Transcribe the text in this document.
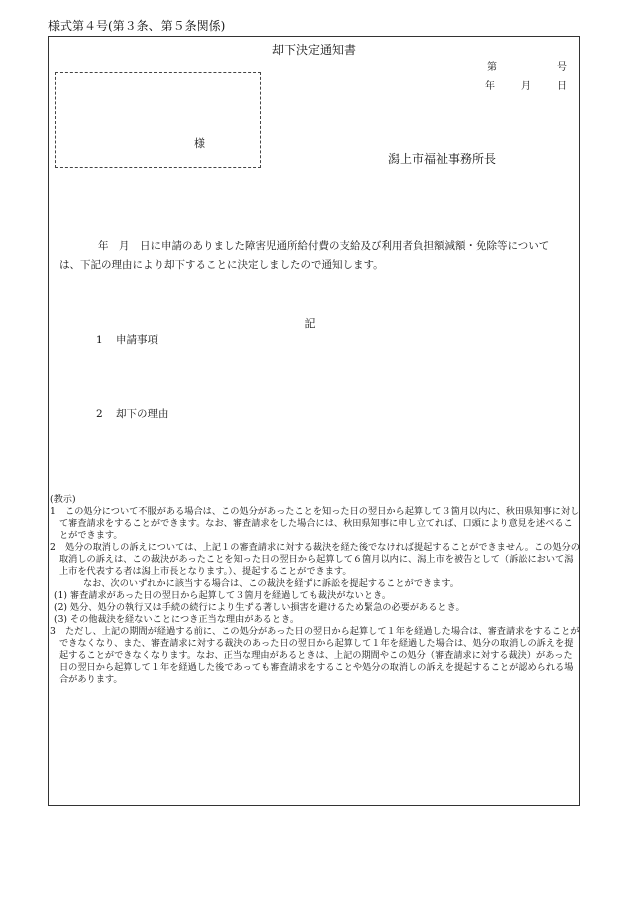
様式第４号(第３条、第５条関係)
却下決定通知書
第	号
年	月	日
様
潟上市福祉事務所長
年　月　日に申請のありました障害児通所給付費の支給及び利用者負担額減額・免除等については、下記の理由により却下することに決定しましたので通知します。
記
1 申請事項
2 却下の理由

(教示)

1　この処分について不服がある場合は、この処分があったことを知った日の翌日から起算して３箇月以内に、秋田県知事に対して審査請求をすることができます。なお、審査請求をした場合には、秋田県知事に申し立てれば、口頭により意見を述べることができます。

2　処分の取消しの訴えについては、上記１の審査請求に対する裁決を経た後でなければ提起することができません。この処分の取消しの訴えは、この裁決があったことを知った日の翌日から起算して６箇月以内に、潟上市を被告として（訴訟において潟上市を代表する者は潟上市長となります。）、提起することができます。

なお、次のいずれかに該当する場合は、この裁決を経ずに訴訟を提起することができます。

(1) 審査請求があった日の翌日から起算して３箇月を経過しても裁決がないとき。

(2) 処分、処分の執行又は手続の続行により生ずる著しい損害を避けるため緊急の必要があるとき。

(3) その他裁決を経ないことにつき正当な理由があるとき。

3　ただし、上記の期間が経過する前に、この処分があった日の翌日から起算して１年を経過した場合は、審査請求をすることができなくなり、また、審査請求に対する裁決のあった日の翌日から起算して１年を経過した場合は、処分の取消しの訴えを提起することができなくなります。なお、正当な理由があるときは、上記の期間やこの処分（審査請求に対する裁決）があった日の翌日から起算して１年を経過した後であっても審査請求をすることや処分の取消しの訴えを提起することが認められる場合があります。
